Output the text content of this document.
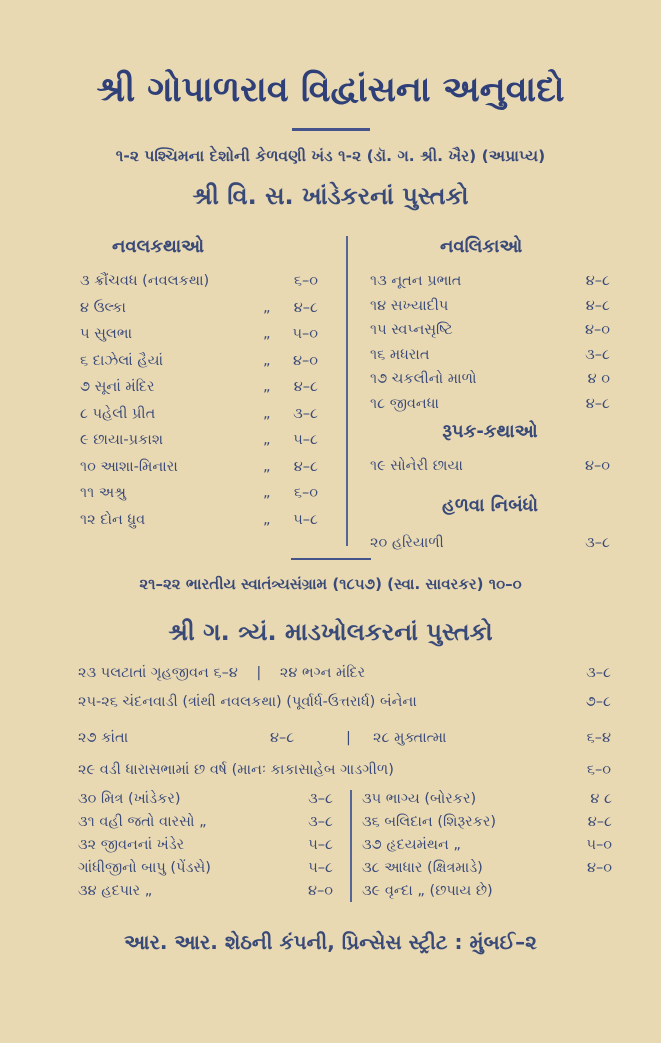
શ્રી ગોપાળરાવ વિદ્વાંસના અનુવાદો
૧-૨ પશ્ચિમના દેશોની કેળવણી ખંડ ૧-૨ (ડૉ. ગ. શ્રી. ખૈર) (અપ્રાપ્ય)
શ્રી વિ. સ. ખાંડેકરનાં પુસ્તકો
નવલકથાઓ
૩ ક્રૌંચવધ (નવલકથા)	૬–૦
૪ ઉલ્કા	„ ૪–૮
૫ સુલભા	„ ૫–૦
૬ દાઝેલાં હૈયાં	„ ૪–૦
૭ સૂનાં મંદિર	„ ૪–૮
૮ પહેલી પ્રીત	„ ૩–૮
૯ છાયા-પ્રકાશ	„ ૫–૮
૧૦ આશા-મિનારા	„ ૪–૮
૧૧ અશ્રુ	„ ૬–૦
૧૨ દોન ધ્રુવ	„ ૫–૮
નવલિકાઓ
૧૩ નૂતન પ્રભાત	૪–૮
૧૪ સખ્યાદીપ	૪–૮
૧૫ સ્વપ્નસૃષ્ટિ	૪–૦
૧૬ મધરાત	૩–૮
૧૭ ચકલીનો માળો	૪ ૦
૧૮ જીવનધા	૪–૮
રૂપક-કથાઓ
૧૯ સોનેરી છાયા	૪–૦
હળવા નિબંધો
૨૦ હરિયાળી	૩–૮
૨૧–૨૨ ભારતીય સ્વાતંત્ર્યસંગ્રામ (૧૮૫૭) (સ્વા. સાવરકર) ૧૦–૦
શ્રી ગ. ત્ર્યં. માડખોલકરનાં પુસ્તકો
૨૩ પલટાતાં ગૃહજીવન ૬–૪ | ૨૪ ભગ્ન મંદિર	૩–૮
૨૫-૨૬ ચંદનવાડી (ત્રાંથી નવલકથા) (પૂર્વાર્ધ-ઉત્તરાર્ધ) બંનેના	૭–૮
૨૭ કાંતા	૪–૮	| ૨૮ મુક્તાત્મા	૬–૪
૨૯ વડી ધારાસભામાં છ વર્ષ (માનઃ કાકાસાહેબ ગાડગીળ)	૬–૦
૩૦ મિત્ર (ખાંડેકર)	૩–૮
૩૧ વહી જતો વારસો „	૩–૮
૩૨ જીવનનાં ખંડેર	૫–૮
ગાંધીજીનો બાપુ (પેંડસે)	૫–૮
૩૪ હદપાર „	૪–૦
૩૫ ભાગ્ય (બોરકર)	૪ ૮
૩૬ બલિદાન (શિરૂરકર)	૪–૮
૩૭ હૃદયમંથન „	૫–૦
૩૮ આધાર (ક્ષિત્રમાડે)	૪–૦
૩૯ વૃન્દા „ (છપાય છે)
આર. આર. શેઠની કંપની, પ્રિન્સેસ સ્ટ્રીટ : મુંબઈ–૨
